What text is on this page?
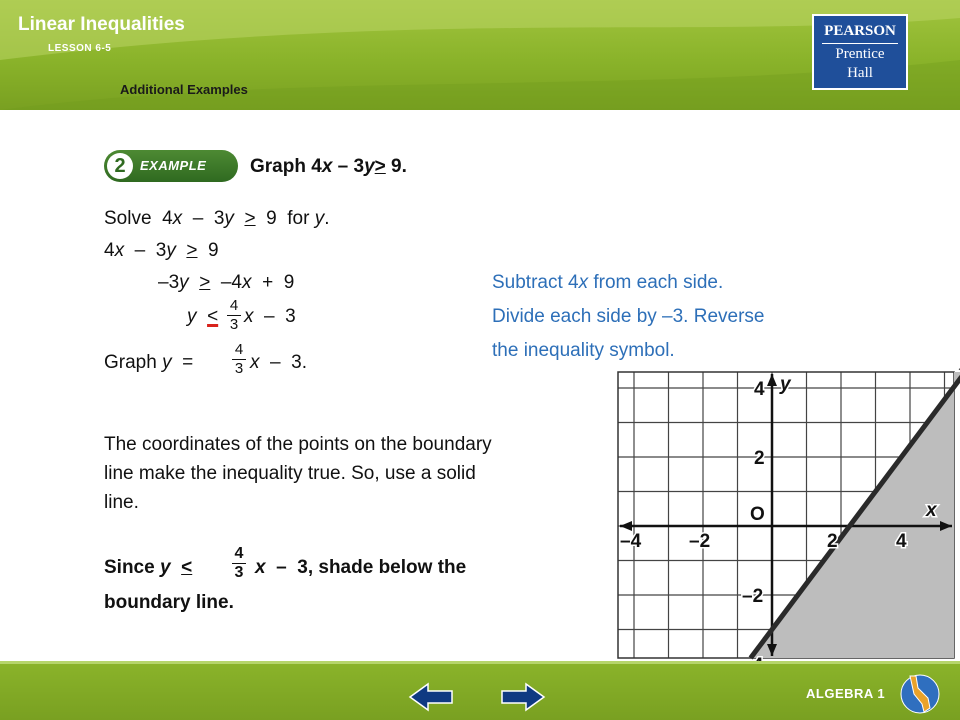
Linear Inequalities
LESSON 6-5
Additional Examples
PEARSON
Prentice
Hall
2	EXAMPLE Graph 4x – 3y> 9.
Solve  4x  –  3y >  9  for y.
4x  –  3y >  9
–3y >  –4x  +  9
y <
4
3 x  –  3
Graph y  =
4
3 x  –  3.
Subtract 4x from each side.
Divide each side by –3. Reverse
the inequality symbol.
The coordinates of the points on the boundary
line make the inequality true. So, use a solid
line.
Since y <
4
3 x  –  3, shade below the
boundary line.
–4	–2	2	4
4
2
–2
O	x
y
ALGEBRA 1
